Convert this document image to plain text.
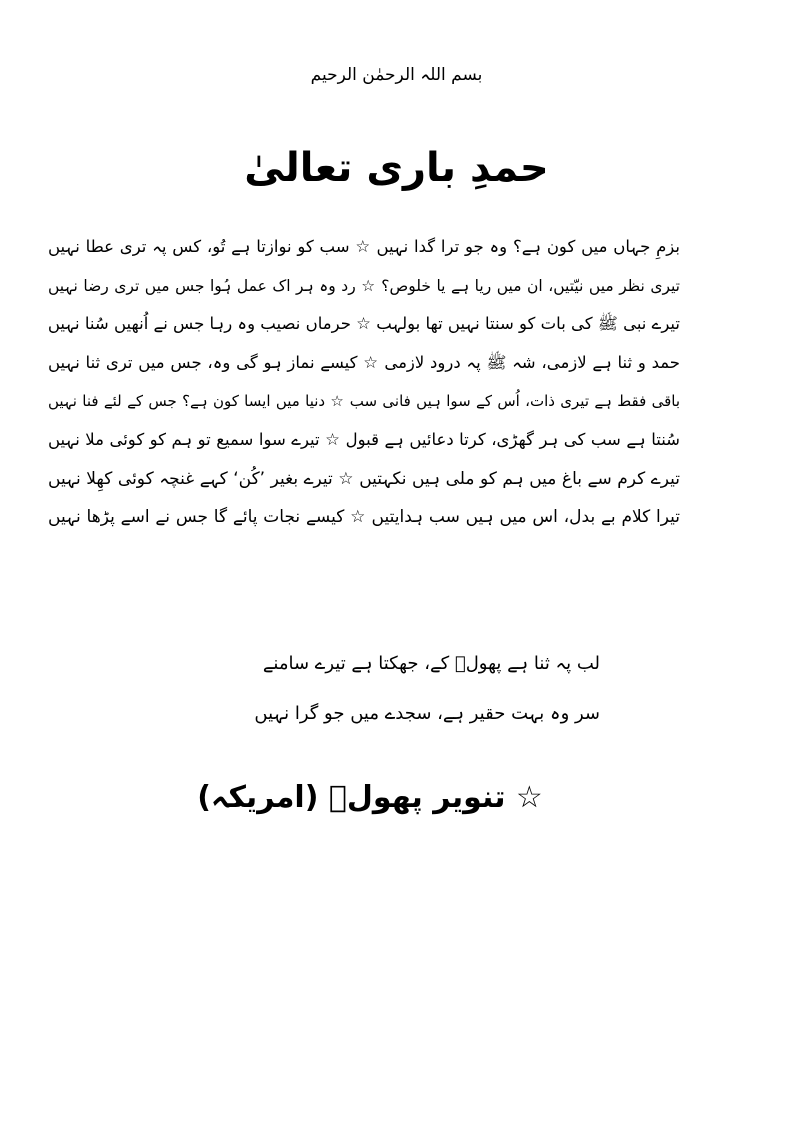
بسم اللہ الرحمٰن الرحیم
حمدِ باری تعالیٰ
بزمِ جہاں میں کون ہے؟ وہ جو ترا گدا نہیں ☆ سب کو نوازتا ہے تُو، کس پہ تری عطا نہیں
تیری نظر میں نیّتیں، ان میں ریا ہے یا خلوص؟ ☆ رد وہ ہر اک عمل ہُوا جس میں تری رضا نہیں
تیرے نبی ﷺ کی بات کو سنتا نہیں تھا بولہب ☆ حرماں نصیب وہ رہا جس نے اُنھیں سُنا نہیں
حمد و ثنا ہے لازمی، شہ ﷺ پہ درود لازمی ☆ کیسے نماز ہو گی وہ، جس میں تری ثنا نہیں
باقی فقط ہے تیری ذات، اُس کے سوا ہیں فانی سب ☆ دنیا میں ایسا کون ہے؟ جس کے لئے فنا نہیں
سُنتا ہے سب کی ہر گھڑی، کرتا دعائیں ہے قبول ☆ تیرے سوا سمیع تو ہم کو کوئی ملا نہیں
تیرے کرم سے باغ میں ہم کو ملی ہیں نکہتیں ☆ تیرے بغیر ’کُن‘ کہے غنچہ کوئی کھِلا نہیں
تیرا کلام بے بدل، اس میں ہیں سب ہدایتیں ☆ کیسے نجات پائے گا جس نے اسے پڑھا نہیں
لب پہ ثنا ہے پھولؔ کے، جھکتا ہے تیرے سامنے
سر وہ بہت حقیر ہے، سجدے میں جو گرا نہیں
☆ تنویر پھولؔ (امریکہ)
